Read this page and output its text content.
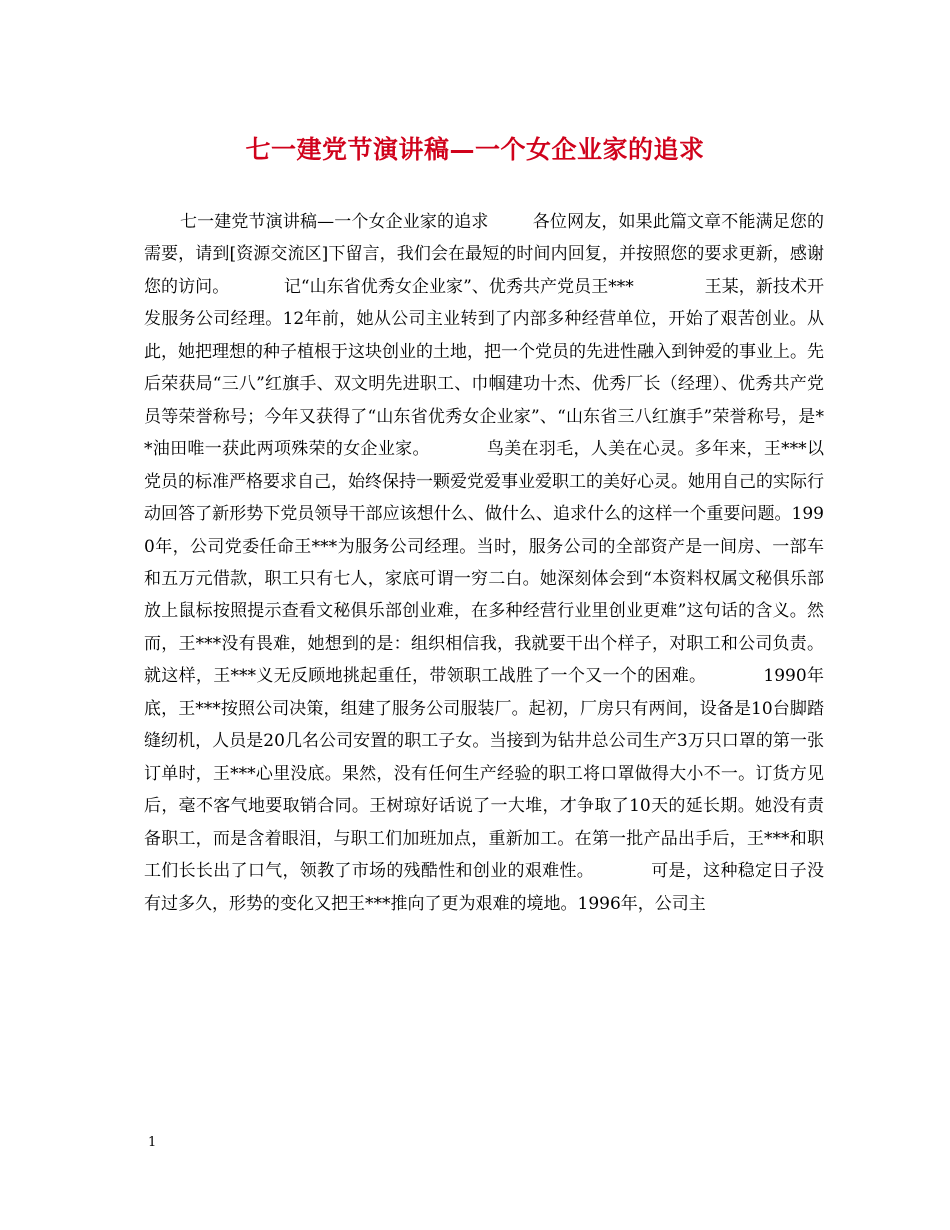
七一建党节演讲稿—一个女企业家的追求

七一建党节演讲稿—一个女企业家的追求        各位网友，如果此篇文章不能满足您的需要，请到[资源交流区]下留言，我们会在最短的时间内回复，并按照您的要求更新，感谢您的访问。          记“山东省优秀女企业家”、优秀共产党员王***             王某，新技术开发服务公司经理。12年前，她从公司主业转到了内部多种经营单位，开始了艰苦创业。从此，她把理想的种子植根于这块创业的土地，把一个党员的先进性融入到钟爱的事业上。先后荣获局“三八”红旗手、双文明先进职工、巾帼建功十杰、优秀厂长（经理）、优秀共产党员等荣誉称号；今年又获得了“山东省优秀女企业家”、“山东省三八红旗手”荣誉称号，是**油田唯一获此两项殊荣的女企业家。          鸟美在羽毛，人美在心灵。多年来，王***以党员的标准严格要求自己，始终保持一颗爱党爱事业爱职工的美好心灵。她用自己的实际行动回答了新形势下党员领导干部应该想什么、做什么、追求什么的这样一个重要问题。1990年，公司党委任命王***为服务公司经理。当时，服务公司的全部资产是一间房、一部车和五万元借款，职工只有七人，家底可谓一穷二白。她深刻体会到“本资料权属文秘俱乐部放上鼠标按照提示查看文秘俱乐部创业难，在多种经营行业里创业更难”这句话的含义。然而，王***没有畏难，她想到的是：组织相信我，我就要干出个样子，对职工和公司负责。就这样，王***义无反顾地挑起重任，带领职工战胜了一个又一个的困难。          1990年底，王***按照公司决策，组建了服务公司服装厂。起初，厂房只有两间，设备是10台脚踏缝纫机，人员是20几名公司安置的职工子女。当接到为钻井总公司生产3万只口罩的第一张订单时，王***心里没底。果然，没有任何生产经验的职工将口罩做得大小不一。订货方见后，毫不客气地要取销合同。王树琼好话说了一大堆，才争取了10天的延长期。她没有责备职工，而是含着眼泪，与职工们加班加点，重新加工。在第一批产品出手后，王***和职工们长长出了口气，领教了市场的残酷性和创业的艰难性。          可是，这种稳定日子没有过多久，形势的变化又把王***推向了更为艰难的境地。1996年，公司主

1
